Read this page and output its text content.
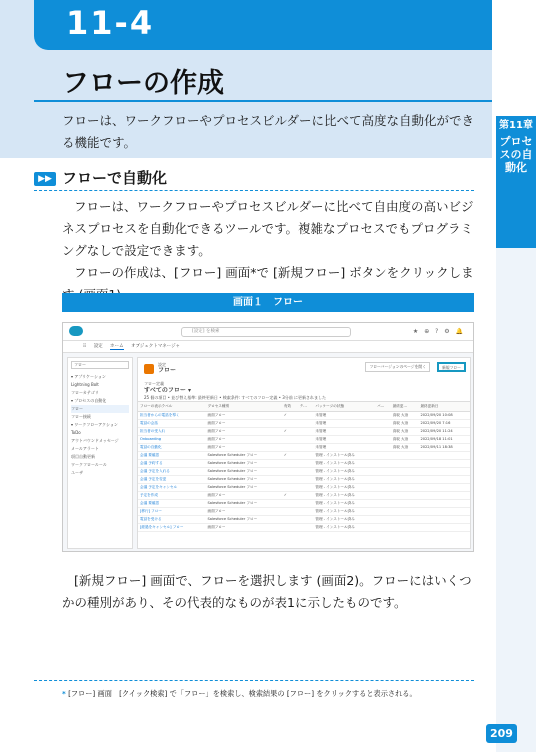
11-4
フローの作成
フローは、ワークフローやプロセスビルダーに比べて高度な自動化ができる機能です。
第11章
プロセスの自動化
▶▶ フローで自動化
フローは、ワークフローやプロセスビルダーに比べて自由度の高いビジネスプロセスを自動化できるツールです。複雑なプロセスでもプログラミングなしで設定できます。
フローの作成は、[フロー] 画面*で [新規フロー] ボタンをクリックしま
画面１　フロー
[設定] を検索	★ ⊕ ? ⚙ 🔔
⠿ 設定 ホーム オブジェクトマネージャ
フロー
▾ アプリケーション
Lightning Bolt
フローカテゴリ
▾ プロセスの自動化
フロー
フロー接続
▾ ワークフローアクション
ToDo
アウトバウンドメッセージ
メールアラート
項目自動更新
ワークフロールール
ユーザ
設定
フロー
フロー定義
すべてのフロー ▾
25 個の項目 • 並び替え基準: 最終更新日 • 検索条件: すべてのフロー定義 • 3分前 に更新されました
フローバージョンのページを開く	新規フロー
フローの表示ラベル	プロセス種別	有効	テ...	パッケージの状態	バ...	最終更...	最終更新日
担当者からの電話を導く	画面フロー	✓		未管理		高坂 大治	2022/09/20 10:08
電話の会話	画面フロー			未管理		高坂 大治	2022/09/20 7:16
担当者の受入れ	画面フロー	✓		未管理		高坂 大治	2022/09/20 11:24
Onboarding	画面フロー			未管理		高坂 大治	2022/09/18 11:01
電話の自動化	画面フロー			未管理		高坂 大治	2022/09/11 18:38
会議 要確認	Salesforce Scheduler フロー	✓		管理 - インストール済み			
会議 予約する	Salesforce Scheduler フロー			管理 - インストール済み			
会議 予定を入れる	Salesforce Scheduler フロー			管理 - インストール済み			
会議 予定を変更	Salesforce Scheduler フロー			管理 - インストール済み			
会議 予定をキャンセル	Salesforce Scheduler フロー			管理 - インストール済み			
予定を作成	画面フロー	✓		管理 - インストール済み			
会議 要確認	Salesforce Scheduler フロー			管理 - インストール済み			
[移行] フロー	画面フロー			管理 - インストール済み			
電話を受ける	Salesforce Scheduler フロー			管理 - インストール済み			
[経過をキャンセル] フロー	画面フロー			管理 - インストール済み			
[新規フロー] 画面で、フローを選択します (画面2)。フローにはいくつかの種別があり、その代表的なものが表1に示したものです。
* [フロー] 画面　[クイック検索] で「フロー」を検索し、検索結果の [フロー] をクリックすると表示される。
209
